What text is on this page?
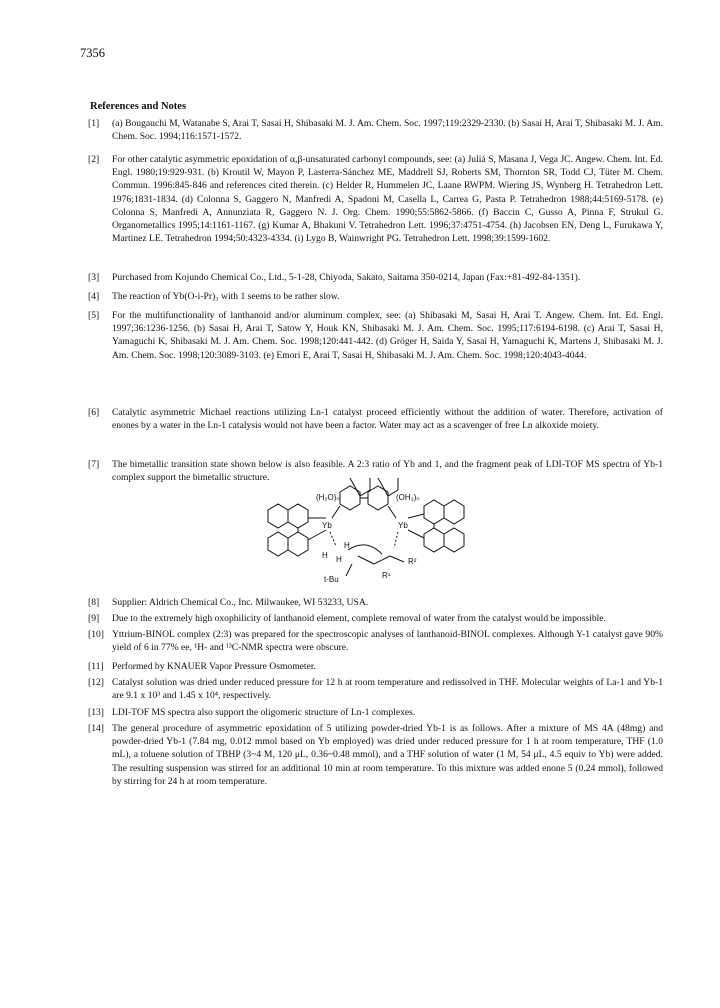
7356
References and Notes
[1]	(a) Bougauchi M, Watanabe S, Arai T, Sasai H, Shibasaki M. J. Am. Chem. Soc. 1997;119:2329-2330. (b) Sasai H, Arai T, Shibasaki M. J. Am. Chem. Soc. 1994;116:1571-1572.
[2]	For other catalytic asymmetric epoxidation of α,β-unsaturated carbonyl compounds, see: (a) Juliá S, Masana J, Vega JC. Angew. Chem. Int. Ed. Engl. 1980;19:929-931. (b) Kroutil W, Mayon P, Lasterra-Sánchez ME, Maddrell SJ, Roberts SM, Thornton SR, Todd CJ, Tüter M. Chem. Commun. 1996:845-846 and references cited therein. (c) Helder R, Hummelen JC, Laane RWPM. Wiering JS, Wynberg H. Tetrahedron Lett. 1976;1831-1834. (d) Colonna S, Gaggero N, Manfredi A, Spadoni M, Casella L, Carrea G, Pasta P. Tetrahedron 1988;44:5169-5178. (e) Colonna S, Manfredi A, Annunziata R, Gaggero N. J. Org. Chem. 1990;55:5862-5866. (f) Baccin C, Gusso A, Pinna F, Strukul G. Organometallics 1995;14:1161-1167. (g) Kumar A, Bhakuni V. Tetrahedron Lett. 1996;37:4751-4754. (h) Jacobsen EN, Deng L, Furukawa Y, Martinez LE. Tetrahedron 1994;50:4323-4334. (i) Lygo B, Wainwright PG. Tetrahedron Lett. 1998;39:1599-1602.
[3]	Purchased from Kojundo Chemical Co., Ltd., 5-1-28, Chiyoda, Sakato, Saitama 350-0214, Japan (Fax:+81-492-84-1351).
[4]	The reaction of Yb(O-i-Pr)₃ with 1 seems to be rather slow.
[5]	For the multifunctionality of lanthanoid and/or aluminum complex, see: (a) Shibasaki M, Sasai H, Arai T. Angew. Chem. Int. Ed. Engl. 1997;36:1236-1256. (b) Sasai H, Arai T, Satow Y, Houk KN, Shibasaki M. J. Am. Chem. Soc. 1995;117:6194-6198. (c) Arai T, Sasai H, Yamaguchi K, Shibasaki M. J. Am. Chem. Soc. 1998;120:441-442. (d) Gröger H, Saida Y, Sasai H, Yamaguchi K, Martens J, Shibasaki M. J. Am. Chem. Soc. 1998;120:3089-3103. (e) Emori E, Arai T, Sasai H, Shibasaki M. J. Am. Chem. Soc. 1998;120:4043-4044.
[6]	Catalytic asymmetric Michael reactions utilizing Ln-1 catalyst proceed efficiently without the addition of water. Therefore, activation of enones by a water in the Ln-1 catalysis would not have been a factor. Water may act as a scavenger of free Ln alkoxide moiety.
[7]	The bimetallic transition state shown below is also feasible. A 2:3 ratio of Yb and 1, and the fragment peak of LDI-TOF MS spectra of Yb-1 complex support the bimetallic structure.
[8]	Supplier: Aldrich Chemical Co., Inc. Milwaukee, WI 53233, USA.
[9]	Due to the extremely high oxophilicity of lanthanoid element, complete removal of water from the catalyst would be impossible.
[10] Yttrium-BINOL complex (2:3) was prepared for the spectroscopic analyses of lanthanoid-BINOL complexes. Although Y-1 catalyst gave 90% yield of 6 in 77% ee, ¹H- and ¹³C-NMR spectra were obscure.
[11] Performed by KNAUER Vapor Pressure Osmometer.
[12] Catalyst solution was dried under reduced pressure for 12 h at room temperature and redissolved in THF. Molecular weights of La-1 and Yb-1 are 9.1 x 10³ and 1.45 x 10⁴, respectively.
[13] LDI-TOF MS spectra also support the oligomeric structure of Ln-1 complexes.
[14] The general procedure of asymmetric epoxidation of 5 utilizing powder-dried Yb-1 is as follows. After a mixture of MS 4A (48mg) and powder-dried Yb-1 (7.84 mg, 0.012 mmol based on Yb employed) was dried under reduced pressure for 1 h at room temperature, THF (1.0 mL), a toluene solution of TBHP (3~4 M, 120 μL, 0.36~0.48 mmol), and a THF solution of water (1 M, 54 μL, 4.5 equiv to Yb) were added. The resulting suspension was stirred for an additional 10 min at room temperature. To this mixture was added enone 5 (0.24 mmol), followed by stirring for 24 h at room temperature.
(H₂O)ₙ	(OH₂)ₙ
Yb	Yb
H H
H
R²
R¹
t-Bu
